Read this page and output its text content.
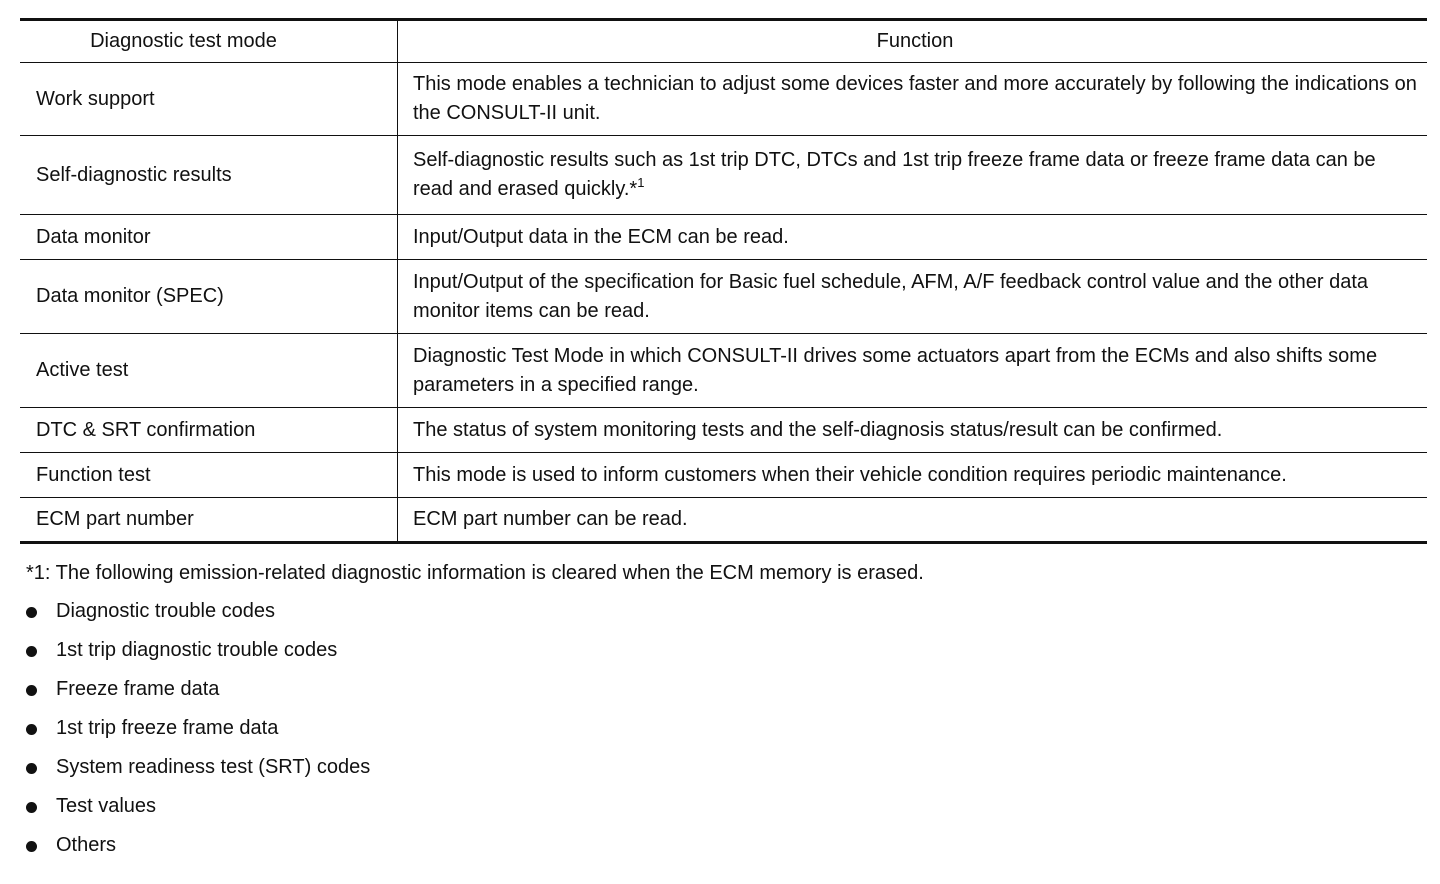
Diagnostic test mode	Function
Work support	This mode enables a technician to adjust some devices faster and more accurately by following the indications on the CONSULT-II unit.
Self-diagnostic results	Self-diagnostic results such as 1st trip DTC, DTCs and 1st trip freeze frame data or freeze frame data can be read and erased quickly.*$^1$
Data monitor	Input/Output data in the ECM can be read.
Data monitor (SPEC)	Input/Output of the specification for Basic fuel schedule, AFM, A/F feedback control value and the other data monitor items can be read.
Active test	Diagnostic Test Mode in which CONSULT-II drives some actuators apart from the ECMs and also shifts some parameters in a specified range.
DTC & SRT confirmation	The status of system monitoring tests and the self-diagnosis status/result can be confirmed.
Function test	This mode is used to inform customers when their vehicle condition requires periodic maintenance.
ECM part number	ECM part number can be read.
*1: The following emission-related diagnostic information is cleared when the ECM memory is erased.
Diagnostic trouble codes
1st trip diagnostic trouble codes
Freeze frame data
1st trip freeze frame data
System readiness test (SRT) codes
Test values
Others
